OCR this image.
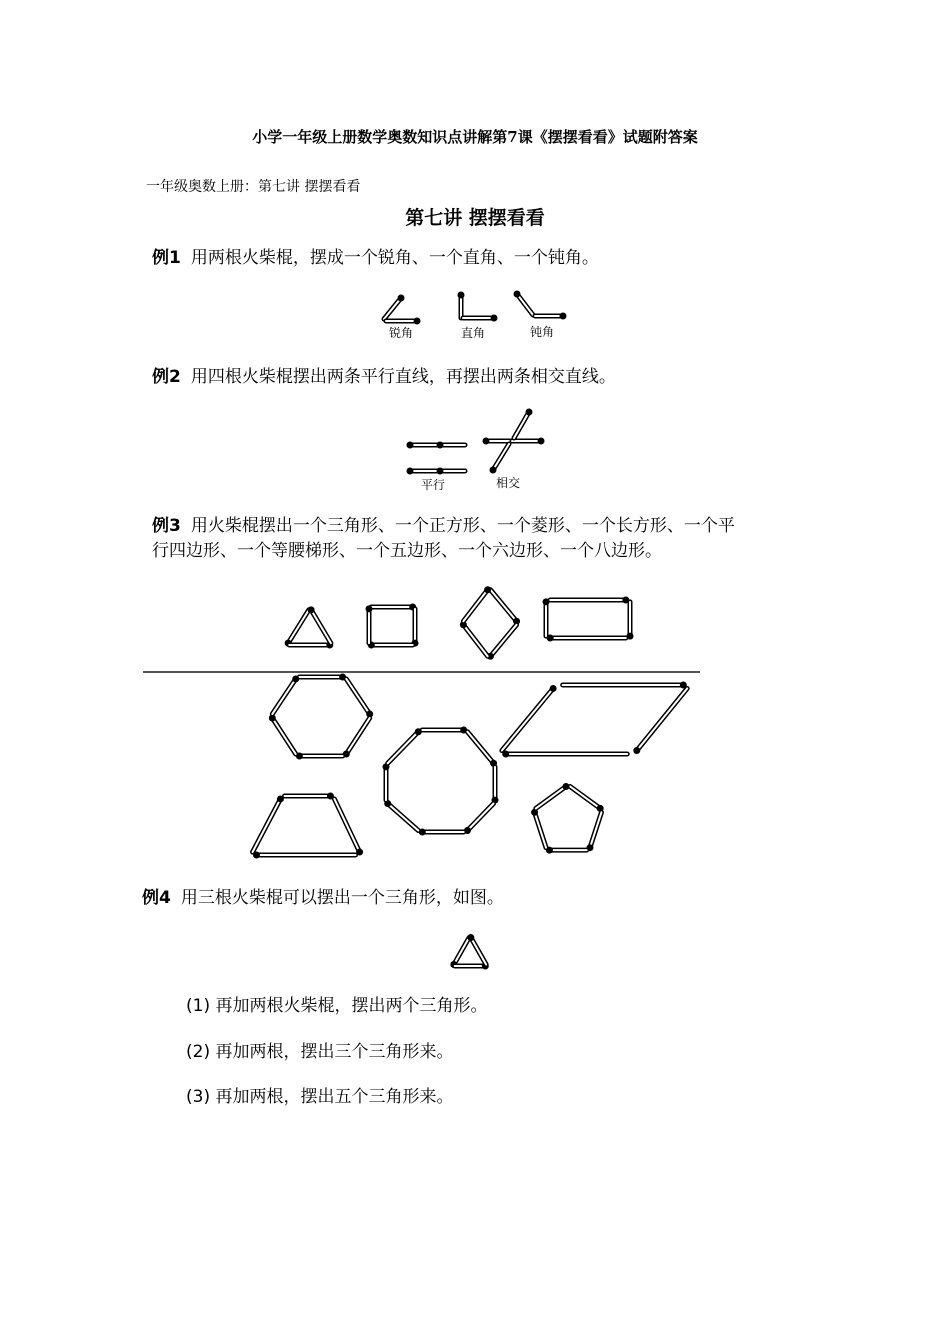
小学一年级上册数学奥数知识点讲解第7课《摆摆看看》试题附答案
一年级奥数上册：第七讲 摆摆看看
第七讲 摆摆看看
例1 用两根火柴棍，摆成一个锐角、一个直角、一个钝角。
例2 用四根火柴棍摆出两条平行直线，再摆出两条相交直线。
例3 用火柴棍摆出一个三角形、一个正方形、一个菱形、一个长方形、一个平
行四边形、一个等腰梯形、一个五边形、一个六边形、一个八边形。
例4 用三根火柴棍可以摆出一个三角形，如图。
(1) 再加两根火柴棍，摆出两个三角形。
(2) 再加两根，摆出三个三角形来。
(3) 再加两根，摆出五个三角形来。
锐角	直角	钝角
平行	相交
